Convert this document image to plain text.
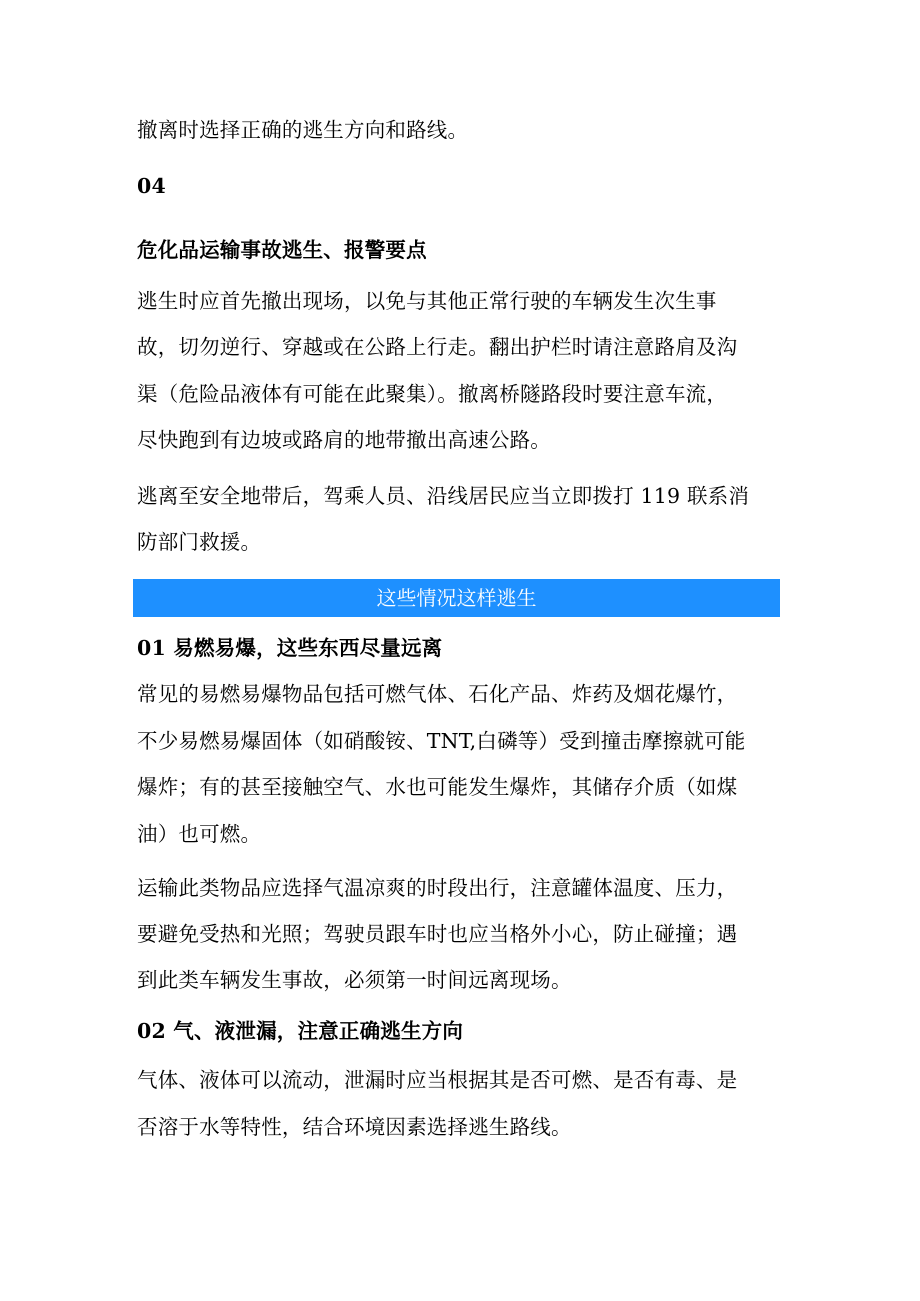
撤离时选择正确的逃生方向和路线。
04
危化品运输事故逃生、报警要点
逃生时应首先撤出现场，以免与其他正常行驶的车辆发生次生事
故，切勿逆行、穿越或在公路上行走。翻出护栏时请注意路肩及沟
渠（危险品液体有可能在此聚集）。撤离桥隧路段时要注意车流，
尽快跑到有边坡或路肩的地带撤出高速公路。
逃离至安全地带后，驾乘人员、沿线居民应当立即拨打 119 联系消
防部门救援。
这些情况这样逃生
01 易燃易爆，这些东西尽量远离
常见的易燃易爆物品包括可燃气体、石化产品、炸药及烟花爆竹，
不少易燃易爆固体（如硝酸铵、TNT,白磷等）受到撞击摩擦就可能
爆炸；有的甚至接触空气、水也可能发生爆炸，其储存介质（如煤
油）也可燃。
运输此类物品应选择气温凉爽的时段出行，注意罐体温度、压力，
要避免受热和光照；驾驶员跟车时也应当格外小心，防止碰撞；遇
到此类车辆发生事故，必须第一时间远离现场。
02 气、液泄漏，注意正确逃生方向
气体、液体可以流动，泄漏时应当根据其是否可燃、是否有毒、是
否溶于水等特性，结合环境因素选择逃生路线。
